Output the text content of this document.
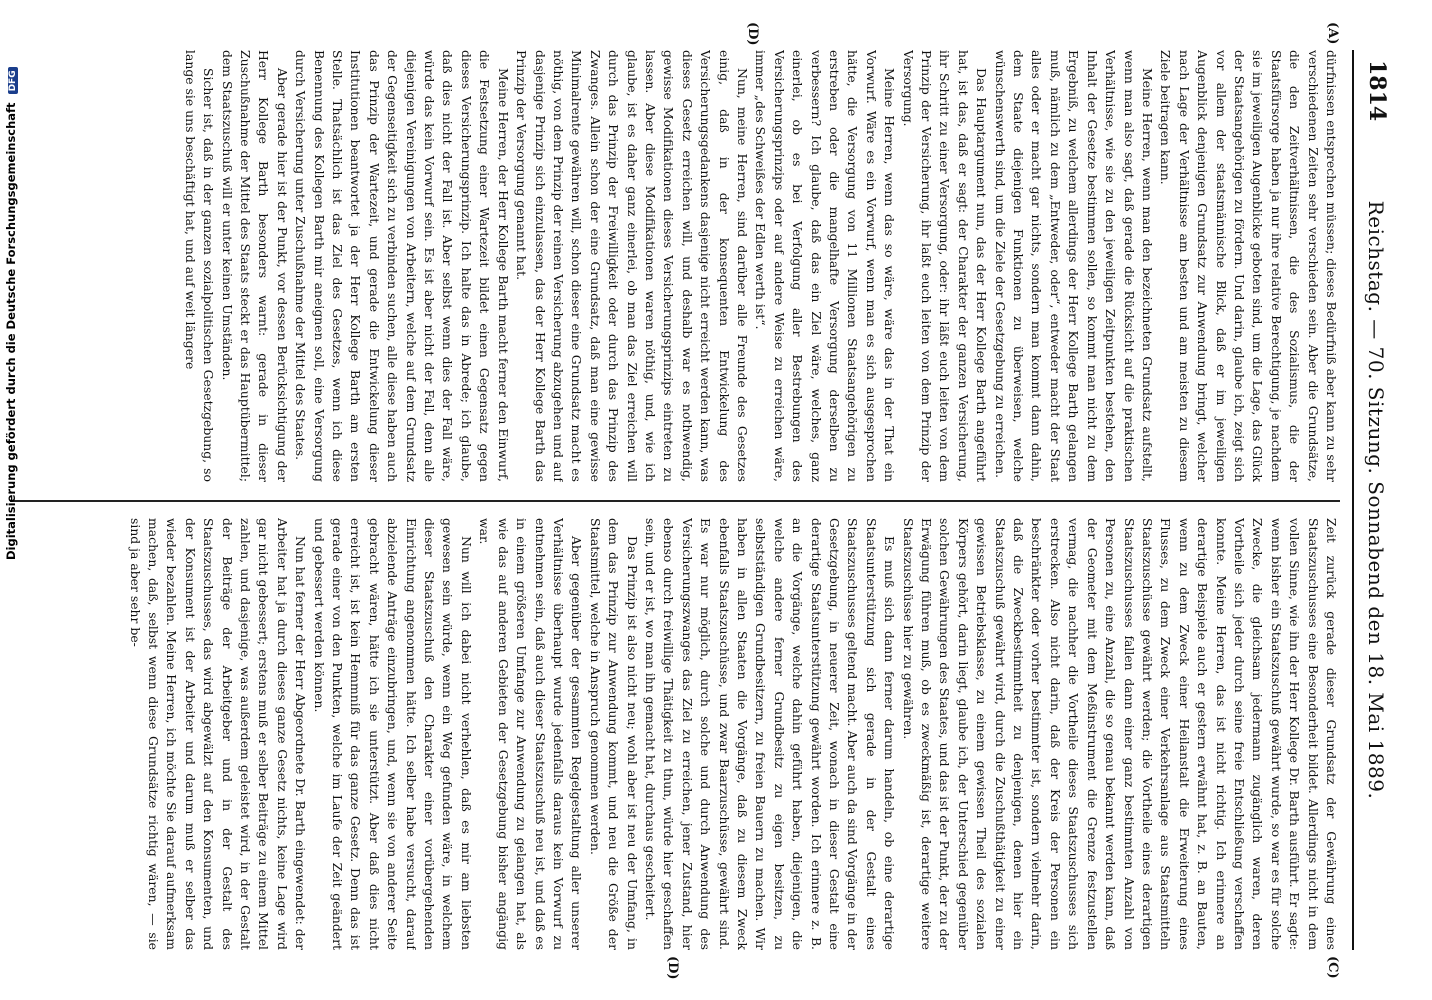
1814
Reichstag. — 70. Sitzung. Sonnabend den 18. Mai 1889.
(A)
(D)
(C)
(D)

dürfnissen entsprechen müssen; dieses Bedürfniß aber kann zu sehr verschiedenen Zeiten sehr verschieden sein. Aber die Grundsätze, die den Zeitverhältnissen, die des Sozialismus, die der Staatsfürsorge haben ja nur ihre relative Berechtigung, je nachdem sie im jeweiligen Augenblicke geboten sind, um die Lage, das Glück der Staatsangehörigen zu fördern. Und darin, glaube ich, zeigt sich vor allem der staatsmännische Blick, daß er im jeweiligen Augenblick denjenigen Grundsatz zur Anwendung bringt, welcher nach Lage der Verhältnisse am besten und am meisten zu diesem Ziele beitragen kann.

Meine Herren, wenn man den bezeichneten Grundsatz aufstellt, wenn man also sagt, daß gerade die Rücksicht auf die praktischen Verhältnisse, wie sie zu den jeweiligen Zeitpunkten bestehen, den Inhalt der Gesetze bestimmen sollen, so kommt man nicht zu dem Ergebniß, zu welchem allerdings der Herr Kollege Barth gelangen muß, nämlich zu dem „Entweder, oder“, entweder macht der Staat alles oder er macht gar nichts, sondern man kommt dann dahin, dem Staate diejenigen Funktionen zu überweisen, welche wünschenswerth sind, um die Ziele der Gesetzgebung zu erreichen.

Das Hauptargument nun, das der Herr Kollege Barth angeführt hat, ist das, daß er sagt: der Charakter der ganzen Versicherung, ihr Schritt zu einer Versorgung, oder: ihr läßt euch leiten von dem Prinzip der Versicherung, ihr laßt euch leiten von dem Prinzip der Versorgung.

Meine Herren, wenn das so wäre, wäre das in der That ein Vorwurf. Wäre es ein Vorwurf, wenn man es sich ausgesprochen hätte, die Versorgung von 11 Millionen Staatsangehörigen zu erstreben oder die mangelhafte Versorgung derselben zu verbessern? Ich glaube, daß das ein Ziel wäre, welches, ganz einerlei, ob es bei Verfolgung aller Bestrebungen des Versicherungsprinzips oder auf andere Weise zu erreichen wäre, immer „des Schweißes der Edlen werth ist“.

Nun, meine Herren, sind darüber alle Freunde des Gesetzes einig, daß in der konsequenten Entwickelung des Versicherungsgedankens dasjenige nicht erreicht werden kann, was dieses Gesetz erreichen will, und deshalb war es nothwendig, gewisse Modifikationen dieses Versicherungsprinzips eintreten zu lassen. Aber diese Modifikationen waren nöthig, und, wie ich glaube, ist es daher ganz einerlei, ob man das Ziel erreichen will durch das Prinzip der Freiwilligkeit oder durch das Prinzip des Zwanges. Allein schon der eine Grundsatz, daß man eine gewisse Minimalrente gewähren will, schon dieser eine Grundsatz macht es nöthig, von dem Prinzip der reinen Versicherung abzugehen und auf dasjenige Prinzip sich einzulassen, das der Herr Kollege Barth das Prinzip der Versorgung genannt hat.

Meine Herren, der Herr Kollege Barth macht ferner den Einwurf, die Festsetzung einer Wartezeit bildet einen Gegensatz gegen dieses Versicherungsprinzip. Ich halte das in Abrede; ich glaube, daß dies nicht der Fall ist. Aber selbst wenn dies der Fall wäre, würde das kein Vorwurf sein. Es ist aber nicht der Fall, denn alle diejenigen Vereinigungen von Arbeitern, welche auf dem Grundsatz der Gegenseitigkeit sich zu verbinden suchen, alle diese haben auch das Prinzip der Wartezeit, und gerade die Entwickelung dieser Institutionen beantwortet ja der Herr Kollege Barth am ersten Stelle. Thatsächlich ist das Ziel des Gesetzes, wenn ich diese Benennung des Kollegen Barth mir aneignen soll, eine Versorgung durch Versicherung unter Zuschußnahme der Mittel des Staates.

Aber gerade hier ist der Punkt, vor dessen Berücksichtigung der Herr Kollege Barth besonders warnt: gerade in dieser Zuschußnahme der Mittel des Staats steckt er das Hauptübermittel; dem Staatszuschuß will er unter keinen Umständen.

Sicher ist, daß in der ganzen sozialpolitischen Gesetzgebung, so lange sie uns beschäftigt hat, und auf weit längere

Zeit zurück gerade dieser Grundsatz der Gewährung eines Staatszuschusses eine Besonderheit bildet. Allerdings nicht in dem vollen Sinne, wie ihn der Herr Kollege Dr. Barth ausführt. Er sagte: wenn bisher ein Staatszuschuß gewährt wurde, so war es für solche Zwecke, die gleichsam jedermann zugänglich waren, deren Vortheile sich jeder durch seine freie Entschließung verschaffen konnte. Meine Herren, das ist nicht richtig. Ich erinnere an derartige Beispiele auch er gestern erwähnt hat, z. B. an Bauten, wenn zu dem Zweck einer Heilanstalt die Erweiterung eines Flusses, zu dem Zweck einer Verkehrsanlage aus Staatsmitteln Staatszuschüsse gewährt werden; die Vortheile eines derartigen Staatszuschusses fallen dann einer ganz bestimmten Anzahl von Personen zu, eine Anzahl, die so genau bekannt werden kann, daß der Geometer mit dem Meßinstrument die Grenze festzustellen vermag, die nachher die Vortheile dieses Staatszuschusses sich erstrecken. Also nicht darin, daß der Kreis der Personen ein beschränkter oder vorher bestimmter ist, sondern vielmehr darin, daß die Zweckbestimmtheit zu denjenigen, denen hier ein Staatszuschuß gewährt wird, durch die Zuschußthätigkeit zu einer gewissen Betriebsklasse, zu einem gewissen Theil des sozialen Körpers gehört, darin liegt, glaube ich, der Unterschied gegenüber solchen Gewährungen des Staates, und das ist der Punkt, der zu der Erwägung führen muß, ob es zweckmäßig ist, derartige weitere Staatszuschüsse hier zu gewähren.

Es muß sich dann ferner darum handeln, ob eine derartige Staatsunterstützung sich gerade in der Gestalt eines Staatszuschusses geltend macht. Aber auch da sind Vorgänge in der Gesetzgebung, in neuerer Zeit, wonach in dieser Gestalt eine derartige Staatsunterstützung gewährt worden. Ich erinnere z. B. an die Vorgänge, welche dahin geführt haben, diejenigen, die welche andere ferner Grundbesitz zu eigen besitzen, zu selbstständigen Grundbesitzern, zu freien Bauern zu machen. Wir haben in allen Staaten die Vorgänge, daß zu diesem Zweck ebenfalls Staatszuschüsse, und zwar Baarzuschüsse, gewährt sind. Es war nur möglich, durch solche und durch Anwendung des Versicherungszwanges das Ziel zu erreichen, jener Zustand, hier ebenso durch freiwillige Thätigkeit zu thun, würde hier geschaffen sein, und er ist, wo man ihn gemacht hat, durchaus gescheitert.

Das Prinzip ist also nicht neu; wohl aber ist neu der Umfang, in dem das Prinzip zur Anwendung kommt, und neu die Größe der Staatsmittel, welche in Anspruch genommen werden.

Aber gegenüber der gesammten Regelgestaltung aller unserer Verhältnisse überhaupt wurde jedenfalls daraus kein Vorwurf zu entnehmen sein, daß auch dieser Staatszuschuß neu ist, und daß es in einem größeren Umfange zur Anwendung zu gelangen hat, als wie das auf anderen Gebieten der Gesetzgebung bisher angängig war.

Nun will ich dabei nicht verhehlen, daß es mir am liebsten gewesen sein würde, wenn ein Weg gefunden wäre, in welchem dieser Staatszuschuß den Charakter einer vorübergehenden Einrichtung angenommen hätte. Ich selber habe versucht, darauf abzielende Anträge einzubringen, und, wenn sie von anderer Seite gebracht wären, hätte ich sie unterstützt. Aber daß dies nicht erreicht ist, ist kein Hemmniß für das ganze Gesetz. Denn das ist gerade einer von den Punkten, welche im Laufe der Zeit geändert und gebessert werden können.

Nun hat ferner der Herr Abgeordnete Dr. Barth eingewendet: der Arbeiter hat ja durch dieses ganze Gesetz nichts, keine Lage wird gar nicht gebessert; erstens muß er selber Beiträge zu einem Mittel zahlen, und dasjenige, was außerdem geleistet wird, in der Gestalt der Beiträge der Arbeitgeber und in der Gestalt des Staatszuschusses, das wird abgewälzt auf den Konsumenten, und der Konsument ist der Arbeiter und darum muß er selber das wieder bezahlen. Meine Herren, ich möchte Sie darauf aufmerksam machen, daß, selbst wenn diese Grundsätze richtig wären, — sie sind ja aber sehr be-

Digitalisierung gefördert durch die Deutsche Forschungsgemeinschaft DFG
